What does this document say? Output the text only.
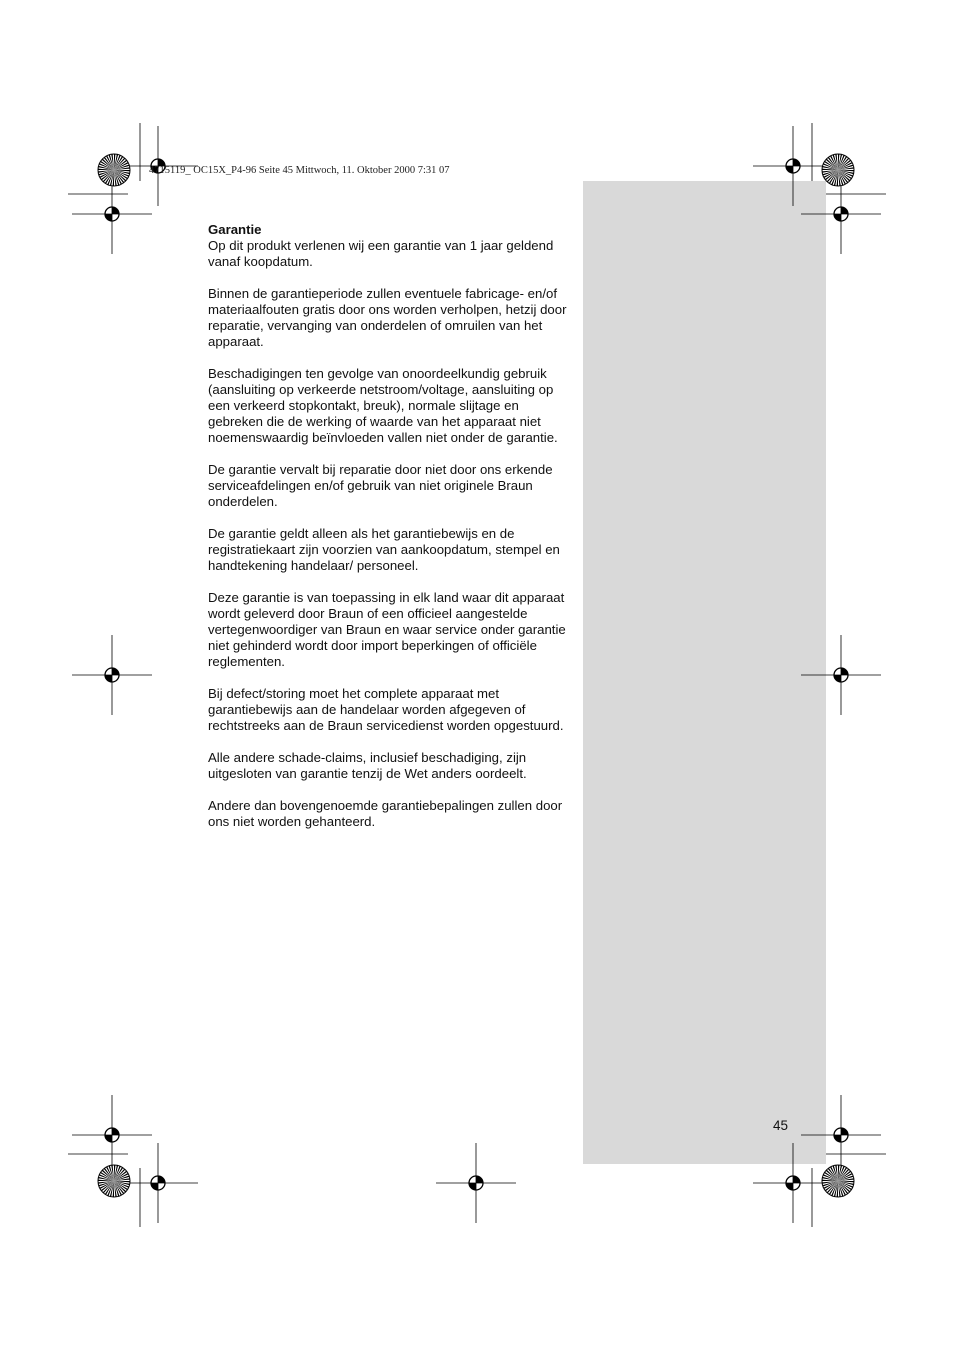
4715119_ OC15X_P4-96 Seite 45 Mittwoch, 11. Oktober 2000 7:31 07
Garantie

Op dit produkt verlenen wij een garantie van 1 jaar geldend vanaf koopdatum.

Binnen de garantieperiode zullen eventuele fabricage- en/of materiaalfouten gratis door ons worden verholpen, hetzij door reparatie, vervanging van onderdelen of omruilen van het apparaat.

Beschadigingen ten gevolge van onoordeelkundig gebruik (aansluiting op verkeerde netstroom/voltage, aansluiting op een verkeerd stopkontakt, breuk), normale slijtage en gebreken die de werking of waarde van het apparaat niet noemenswaardig beïnvloeden vallen niet onder de garantie.

De garantie vervalt bij reparatie door niet door ons erkende serviceafdelingen en/of gebruik van niet originele Braun onderdelen.

De garantie geldt alleen als het garantiebewijs en de registratiekaart zijn voorzien van aankoopdatum, stempel en handtekening handelaar/ personeel.

Deze garantie is van toepassing in elk land waar dit apparaat wordt geleverd door Braun of een officieel aangestelde vertegenwoordiger van Braun en waar service onder garantie niet gehinderd wordt door import beperkingen of officiële reglementen.

Bij defect/storing moet het complete apparaat met garantiebewijs aan de handelaar worden afgegeven of rechtstreeks aan de Braun servicedienst worden opgestuurd.

Alle andere schade-claims, inclusief beschadiging, zijn uitgesloten van garantie tenzij de Wet anders oordeelt.

Andere dan bovengenoemde garantiebepalingen zullen door ons niet worden gehanteerd.

45
